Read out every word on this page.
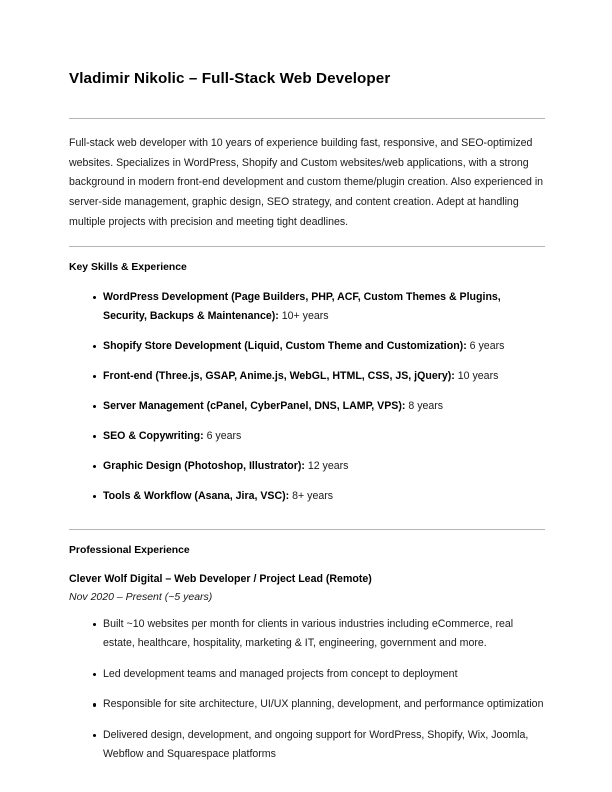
Vladimir Nikolic – Full-Stack Web Developer

Full-stack web developer with 10 years of experience building fast, responsive, and SEO-optimized websites. Specializes in WordPress, Shopify and Custom websites/web applications, with a strong background in modern front-end development and custom theme/plugin creation. Also experienced in server-side management, graphic design, SEO strategy, and content creation. Adept at handling multiple projects with precision and meeting tight deadlines.

Key Skills & Experience
WordPress Development (Page Builders, PHP, ACF, Custom Themes & Plugins, Security, Backups & Maintenance): 10+ years
Shopify Store Development (Liquid, Custom Theme and Customization): 6 years
Front-end (Three.js, GSAP, Anime.js, WebGL, HTML, CSS, JS, jQuery): 10 years
Server Management (cPanel, CyberPanel, DNS, LAMP, VPS): 8 years
SEO & Copywriting: 6 years
Graphic Design (Photoshop, Illustrator): 12 years
Tools & Workflow (Asana, Jira, VSC): 8+ years
Professional Experience

Clever Wolf Digital – Web Developer / Project Lead (Remote)

Nov 2020 – Present (~5 years)

Built ~10 websites per month for clients in various industries including eCommerce, real estate, healthcare, hospitality, marketing & IT, engineering, government and more.
Led development teams and managed projects from concept to deployment
Responsible for site architecture, UI/UX planning, development, and performance optimization
Delivered design, development, and ongoing support for WordPress, Shopify, Wix, Joomla, Webflow and Squarespace platforms
